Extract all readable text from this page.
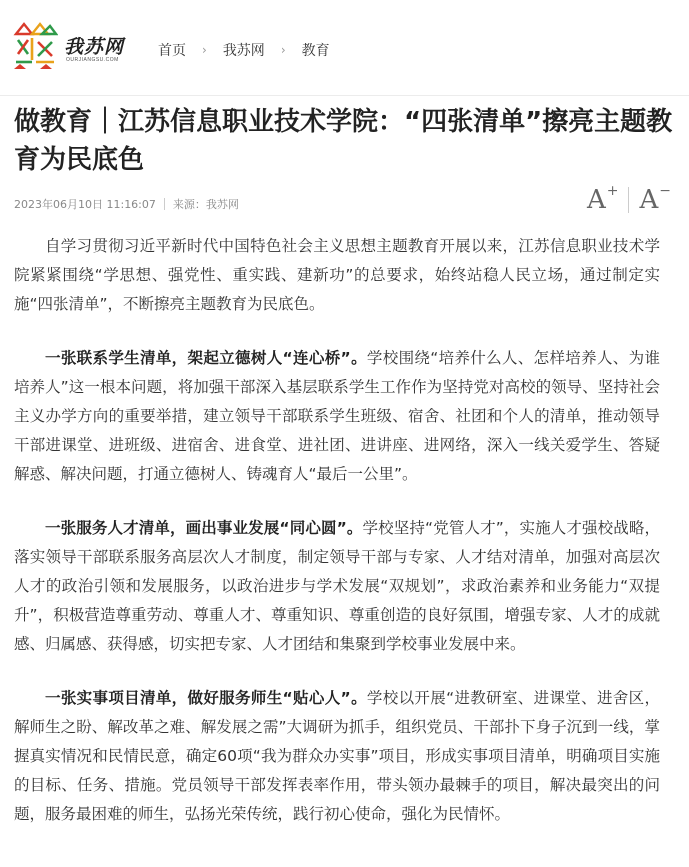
我苏网
OURJIANGSU.COM
首页 › 我苏网 › 教育
做教育｜江苏信息职业技术学院：“四张清单”擦亮主题教育为民底色
2023年06月10日 11:16:07 来源：我苏网	A+ A−

自学习贯彻习近平新时代中国特色社会主义思想主题教育开展以来，江苏信息职业技术学院紧紧围绕“学思想、强党性、重实践、建新功”的总要求，始终站稳人民立场，通过制定实施“四张清单”，不断擦亮主题教育为民底色。

一张联系学生清单，架起立德树人“连心桥”。学校围绕“培养什么人、怎样培养人、为谁培养人”这一根本问题，将加强干部深入基层联系学生工作作为坚持党对高校的领导、坚持社会主义办学方向的重要举措，建立领导干部联系学生班级、宿舍、社团和个人的清单，推动领导干部进课堂、进班级、进宿舍、进食堂、进社团、进讲座、进网络，深入一线关爱学生、答疑解惑、解决问题，打通立德树人、铸魂育人“最后一公里”。

一张服务人才清单，画出事业发展“同心圆”。学校坚持“党管人才”，实施人才强校战略，落实领导干部联系服务高层次人才制度，制定领导干部与专家、人才结对清单，加强对高层次人才的政治引领和发展服务，以政治进步与学术发展“双规划”，求政治素养和业务能力“双提升”，积极营造尊重劳动、尊重人才、尊重知识、尊重创造的良好氛围，增强专家、人才的成就感、归属感、获得感，切实把专家、人才团结和集聚到学校事业发展中来。

一张实事项目清单，做好服务师生“贴心人”。学校以开展“进教研室、进课堂、进舍区，解师生之盼、解改革之难、解发展之需”大调研为抓手，组织党员、干部扑下身子沉到一线，掌握真实情况和民情民意，确定60项“我为群众办实事”项目，形成实事项目清单，明确项目实施的目标、任务、措施。党员领导干部发挥表率作用，带头领办最棘手的项目，解决最突出的问题，服务最困难的师生，弘扬光荣传统，践行初心使命，强化为民情怀。
